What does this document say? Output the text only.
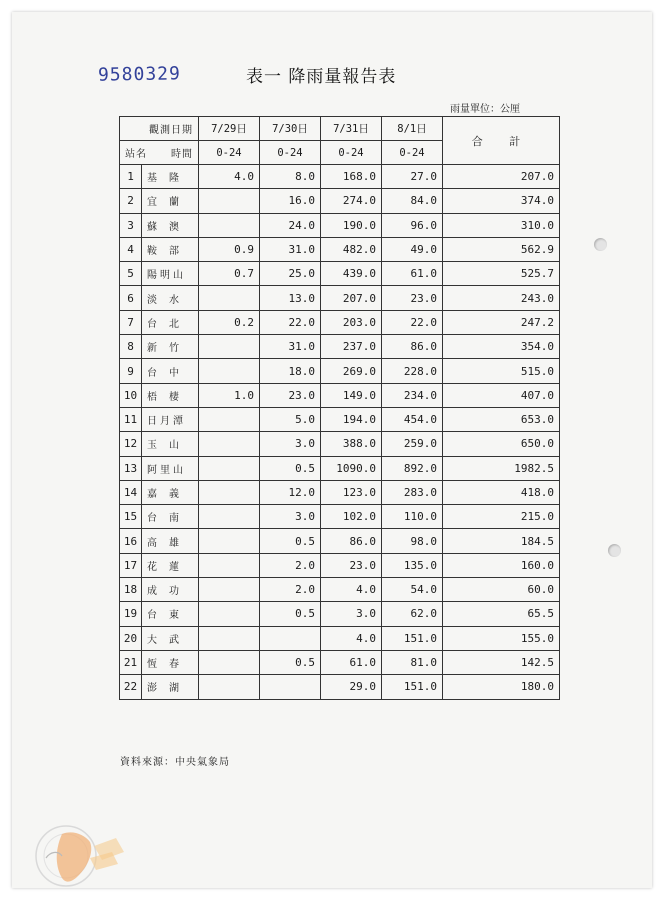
9580329	表一 降雨量報告表
雨量單位：公厘
觀測日期		7/29日	7/30日	7/31日	8/1日	合 計
站名 時間		0-24	0-24	0-24	0-24	
1	基 隆	4.0	8.0	168.0	27.0	207.0
2	宜 蘭		16.0	274.0	84.0	374.0
3	蘇 澳		24.0	190.0	96.0	310.0
4	鞍 部	0.9	31.0	482.0	49.0	562.9
5	陽明山	0.7	25.0	439.0	61.0	525.7
6	淡 水		13.0	207.0	23.0	243.0
7	台 北	0.2	22.0	203.0	22.0	247.2
8	新 竹		31.0	237.0	86.0	354.0
9	台 中		18.0	269.0	228.0	515.0
10	梧 棲	1.0	23.0	149.0	234.0	407.0
11	日月潭		5.0	194.0	454.0	653.0
12	玉 山		3.0	388.0	259.0	650.0
13	阿里山		0.5	1090.0	892.0	1982.5
14	嘉 義		12.0	123.0	283.0	418.0
15	台 南		3.0	102.0	110.0	215.0
16	高 雄		0.5	86.0	98.0	184.5
17	花 蓮		2.0	23.0	135.0	160.0
18	成 功		2.0	4.0	54.0	60.0
19	台 東		0.5	3.0	62.0	65.5
20	大 武			4.0	151.0	155.0
21	恆 春		0.5	61.0	81.0	142.5
22	澎 湖			29.0	151.0	180.0
資料來源：中央氣象局
